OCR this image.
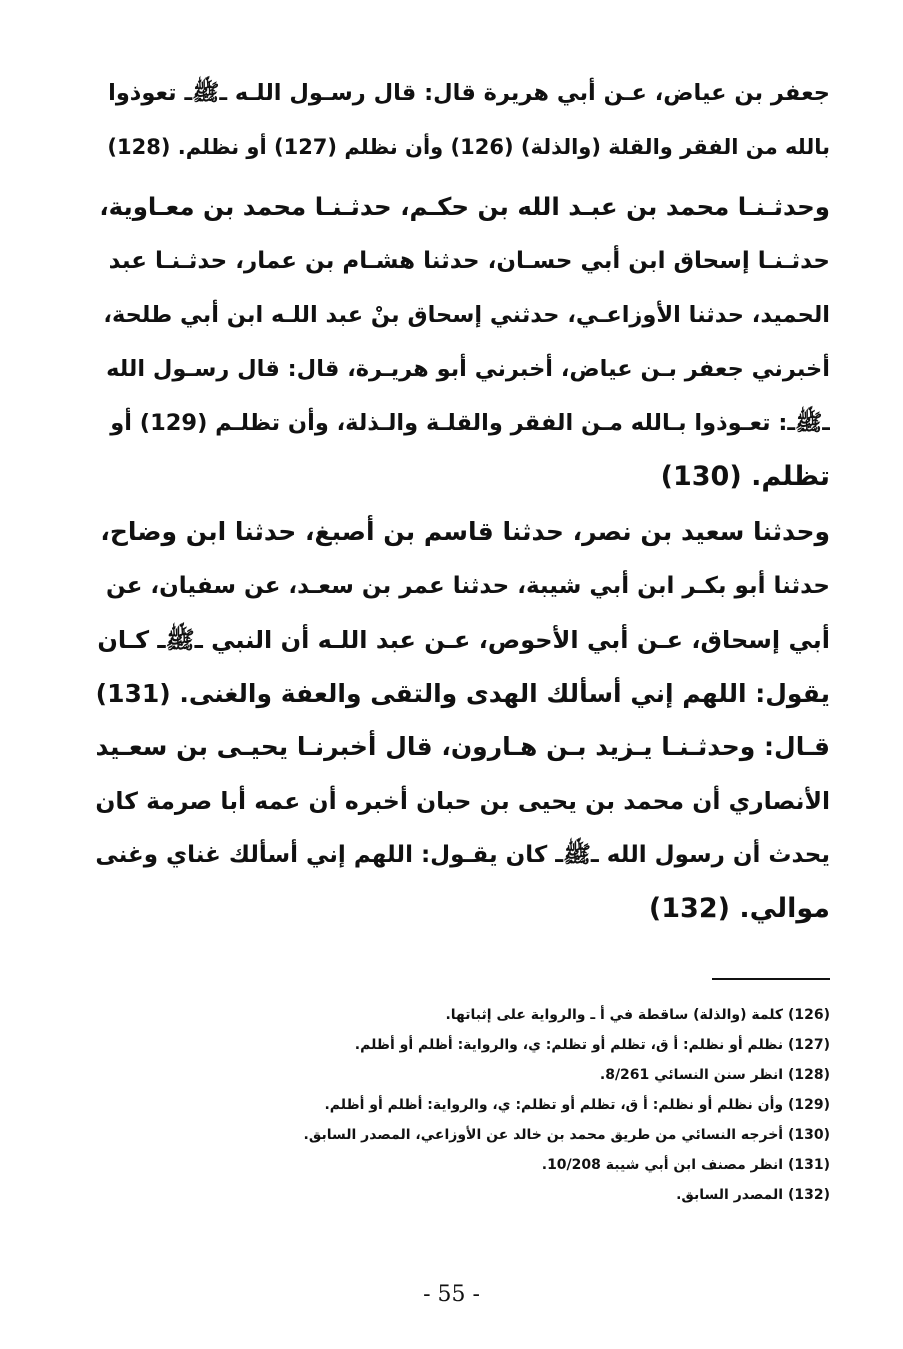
جعفر بن عياض، عـن أبي هريرة قال: قال رسـول اللـه ـﷺـ تعوذوا
بالله من الفقر والقلة (والذلة) (126) وأن نظلم (127) أو نظلم. (128)
وحدثـنـا محمد بن عبـد الله بن حكـم، حدثـنـا محمد بن معـاوية،
حدثـنـا إسحاق ابن أبي حسـان، حدثنا هشـام بن عمار، حدثـنـا عبد
الحميد، حدثنا الأوزاعـي، حدثني إسحاق بنْ عبد اللـه ابن أبي طلحة،
أخبرني جعفر بـن عياض، أخبرني أبو هريـرة، قال: قال رسـول الله
ـﷺـ: تعـوذوا بـالله مـن الفقر والقلـة والـذلة، وأن تظلـم (129) أو
تظلم. (130)
وحدثنا سعيد بن نصر، حدثنا قاسم بن أصبغ، حدثنا ابن وضاح،
حدثنا أبو بكـر ابن أبي شيبة، حدثنا عمر بن سعـد، عن سفيان، عن
أبي إسحاق، عـن أبي الأحوص، عـن عبد اللـه أن النبي ـﷺـ كـان
يقول: اللهم إني أسألك الهدى والتقى والعفة والغنى. (131)
قـال: وحدثـنـا يـزيد بـن هـارون، قال أخبرنـا يحيـى بن سعـيد
الأنصاري أن محمد بن يحيى بن حبان أخبره أن عمه أبا صرمة كان
يحدث أن رسول الله ـﷺـ كان يقـول: اللهم إني أسألك غناي وغنى
موالي. (132)
(126) كلمة (والذلة) ساقطة في أ ـ والرواية على إثباتها.
(127) نظلم أو نظلم: أ ق، تظلم أو تظلم: ي، والرواية: أظلم أو أظلم.
(128) انظر سنن النسائي 8/261.
(129) وأن نظلم أو نظلم: أ ق، تظلم أو تظلم: ي، والرواية: أظلم أو أظلم.
(130) أخرجه النسائي من طريق محمد بن خالد عن الأوزاعي، المصدر السابق.
(131) انظر مصنف ابن أبي شيبة 10/208.
(132) المصدر السابق.
- 55 -
